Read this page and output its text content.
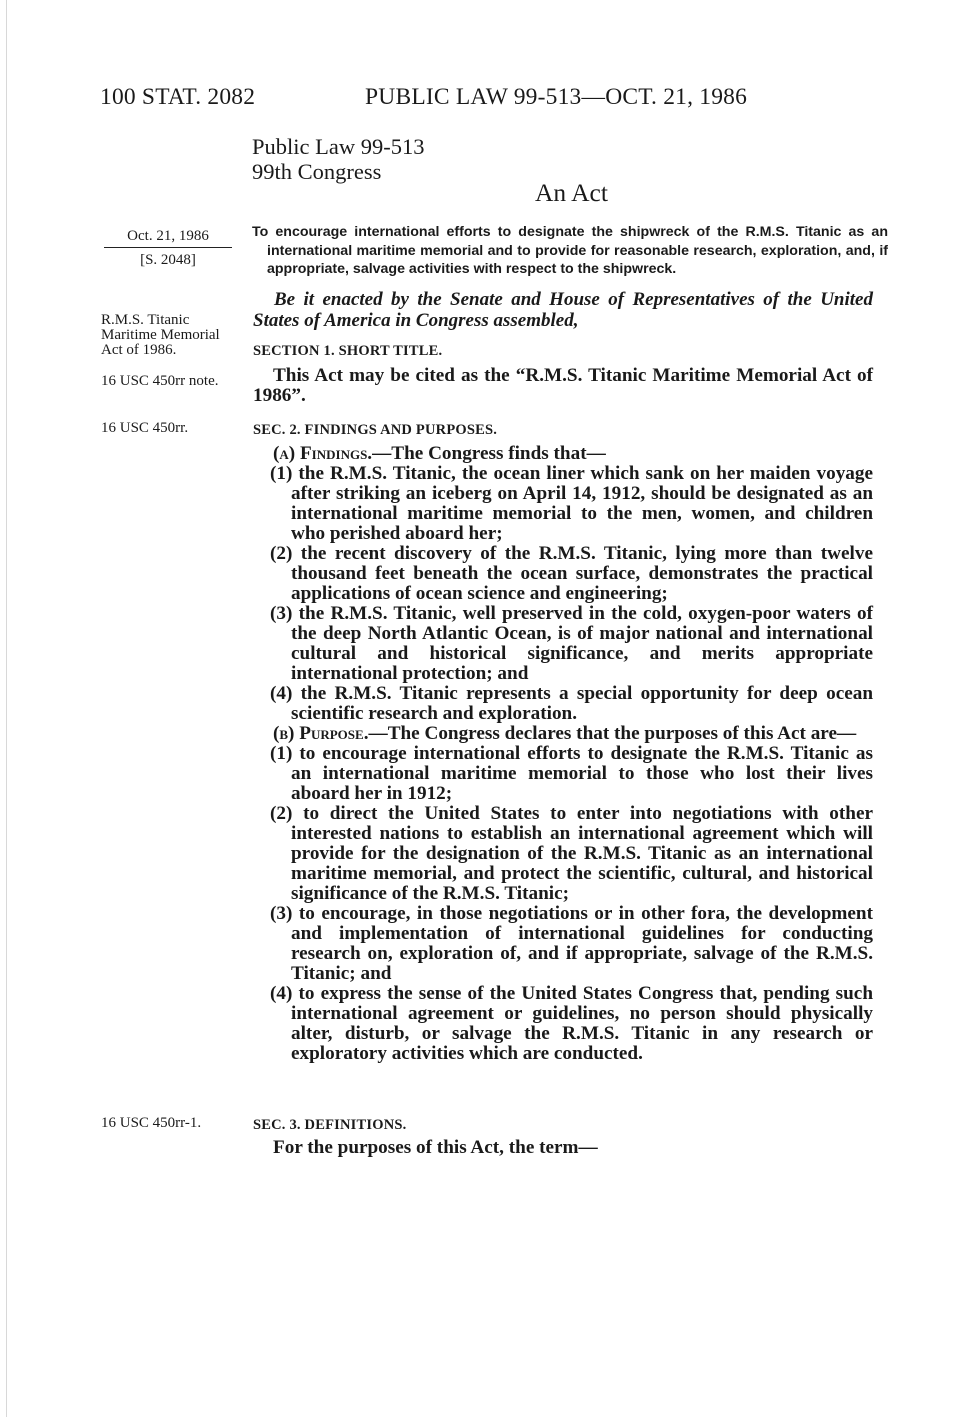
100 STAT. 2082	PUBLIC LAW 99-513—OCT. 21, 1986
Public Law 99-513
99th Congress
An Act
Oct. 21, 1986
[S. 2048]
R.M.S. Titanic Maritime Memorial Act of 1986.
16 USC 450rr note.
16 USC 450rr.
16 USC 450rr-1.
To encourage international efforts to designate the shipwreck of the R.M.S. Titanic as an international maritime memorial and to provide for reasonable research, exploration, and, if appropriate, salvage activities with respect to the shipwreck.
Be it enacted by the Senate and House of Representatives of the United States of America in Congress assembled,
SECTION 1. SHORT TITLE.

This Act may be cited as the “R.M.S. Titanic Maritime Memorial Act of 1986”.

SEC. 2. FINDINGS AND PURPOSES.

(a) Findings.—The Congress finds that—

(1) the R.M.S. Titanic, the ocean liner which sank on her maiden voyage after striking an iceberg on April 14, 1912, should be designated as an international maritime memorial to the men, women, and children who perished aboard her;

(2) the recent discovery of the R.M.S. Titanic, lying more than twelve thousand feet beneath the ocean surface, demonstrates the practical applications of ocean science and engineering;

(3) the R.M.S. Titanic, well preserved in the cold, oxygen-poor waters of the deep North Atlantic Ocean, is of major national and international cultural and historical significance, and merits appropriate international protection; and

(4) the R.M.S. Titanic represents a special opportunity for deep ocean scientific research and exploration.

(b) Purpose.—The Congress declares that the purposes of this Act are—

(1) to encourage international efforts to designate the R.M.S. Titanic as an international maritime memorial to those who lost their lives aboard her in 1912;

(2) to direct the United States to enter into negotiations with other interested nations to establish an international agreement which will provide for the designation of the R.M.S. Titanic as an international maritime memorial, and protect the scientific, cultural, and historical significance of the R.M.S. Titanic;

(3) to encourage, in those negotiations or in other fora, the development and implementation of international guidelines for conducting research on, exploration of, and if appropriate, salvage of the R.M.S. Titanic; and

(4) to express the sense of the United States Congress that, pending such international agreement or guidelines, no person should physically alter, disturb, or salvage the R.M.S. Titanic in any research or exploratory activities which are conducted.

SEC. 3. DEFINITIONS.

For the purposes of this Act, the term—
